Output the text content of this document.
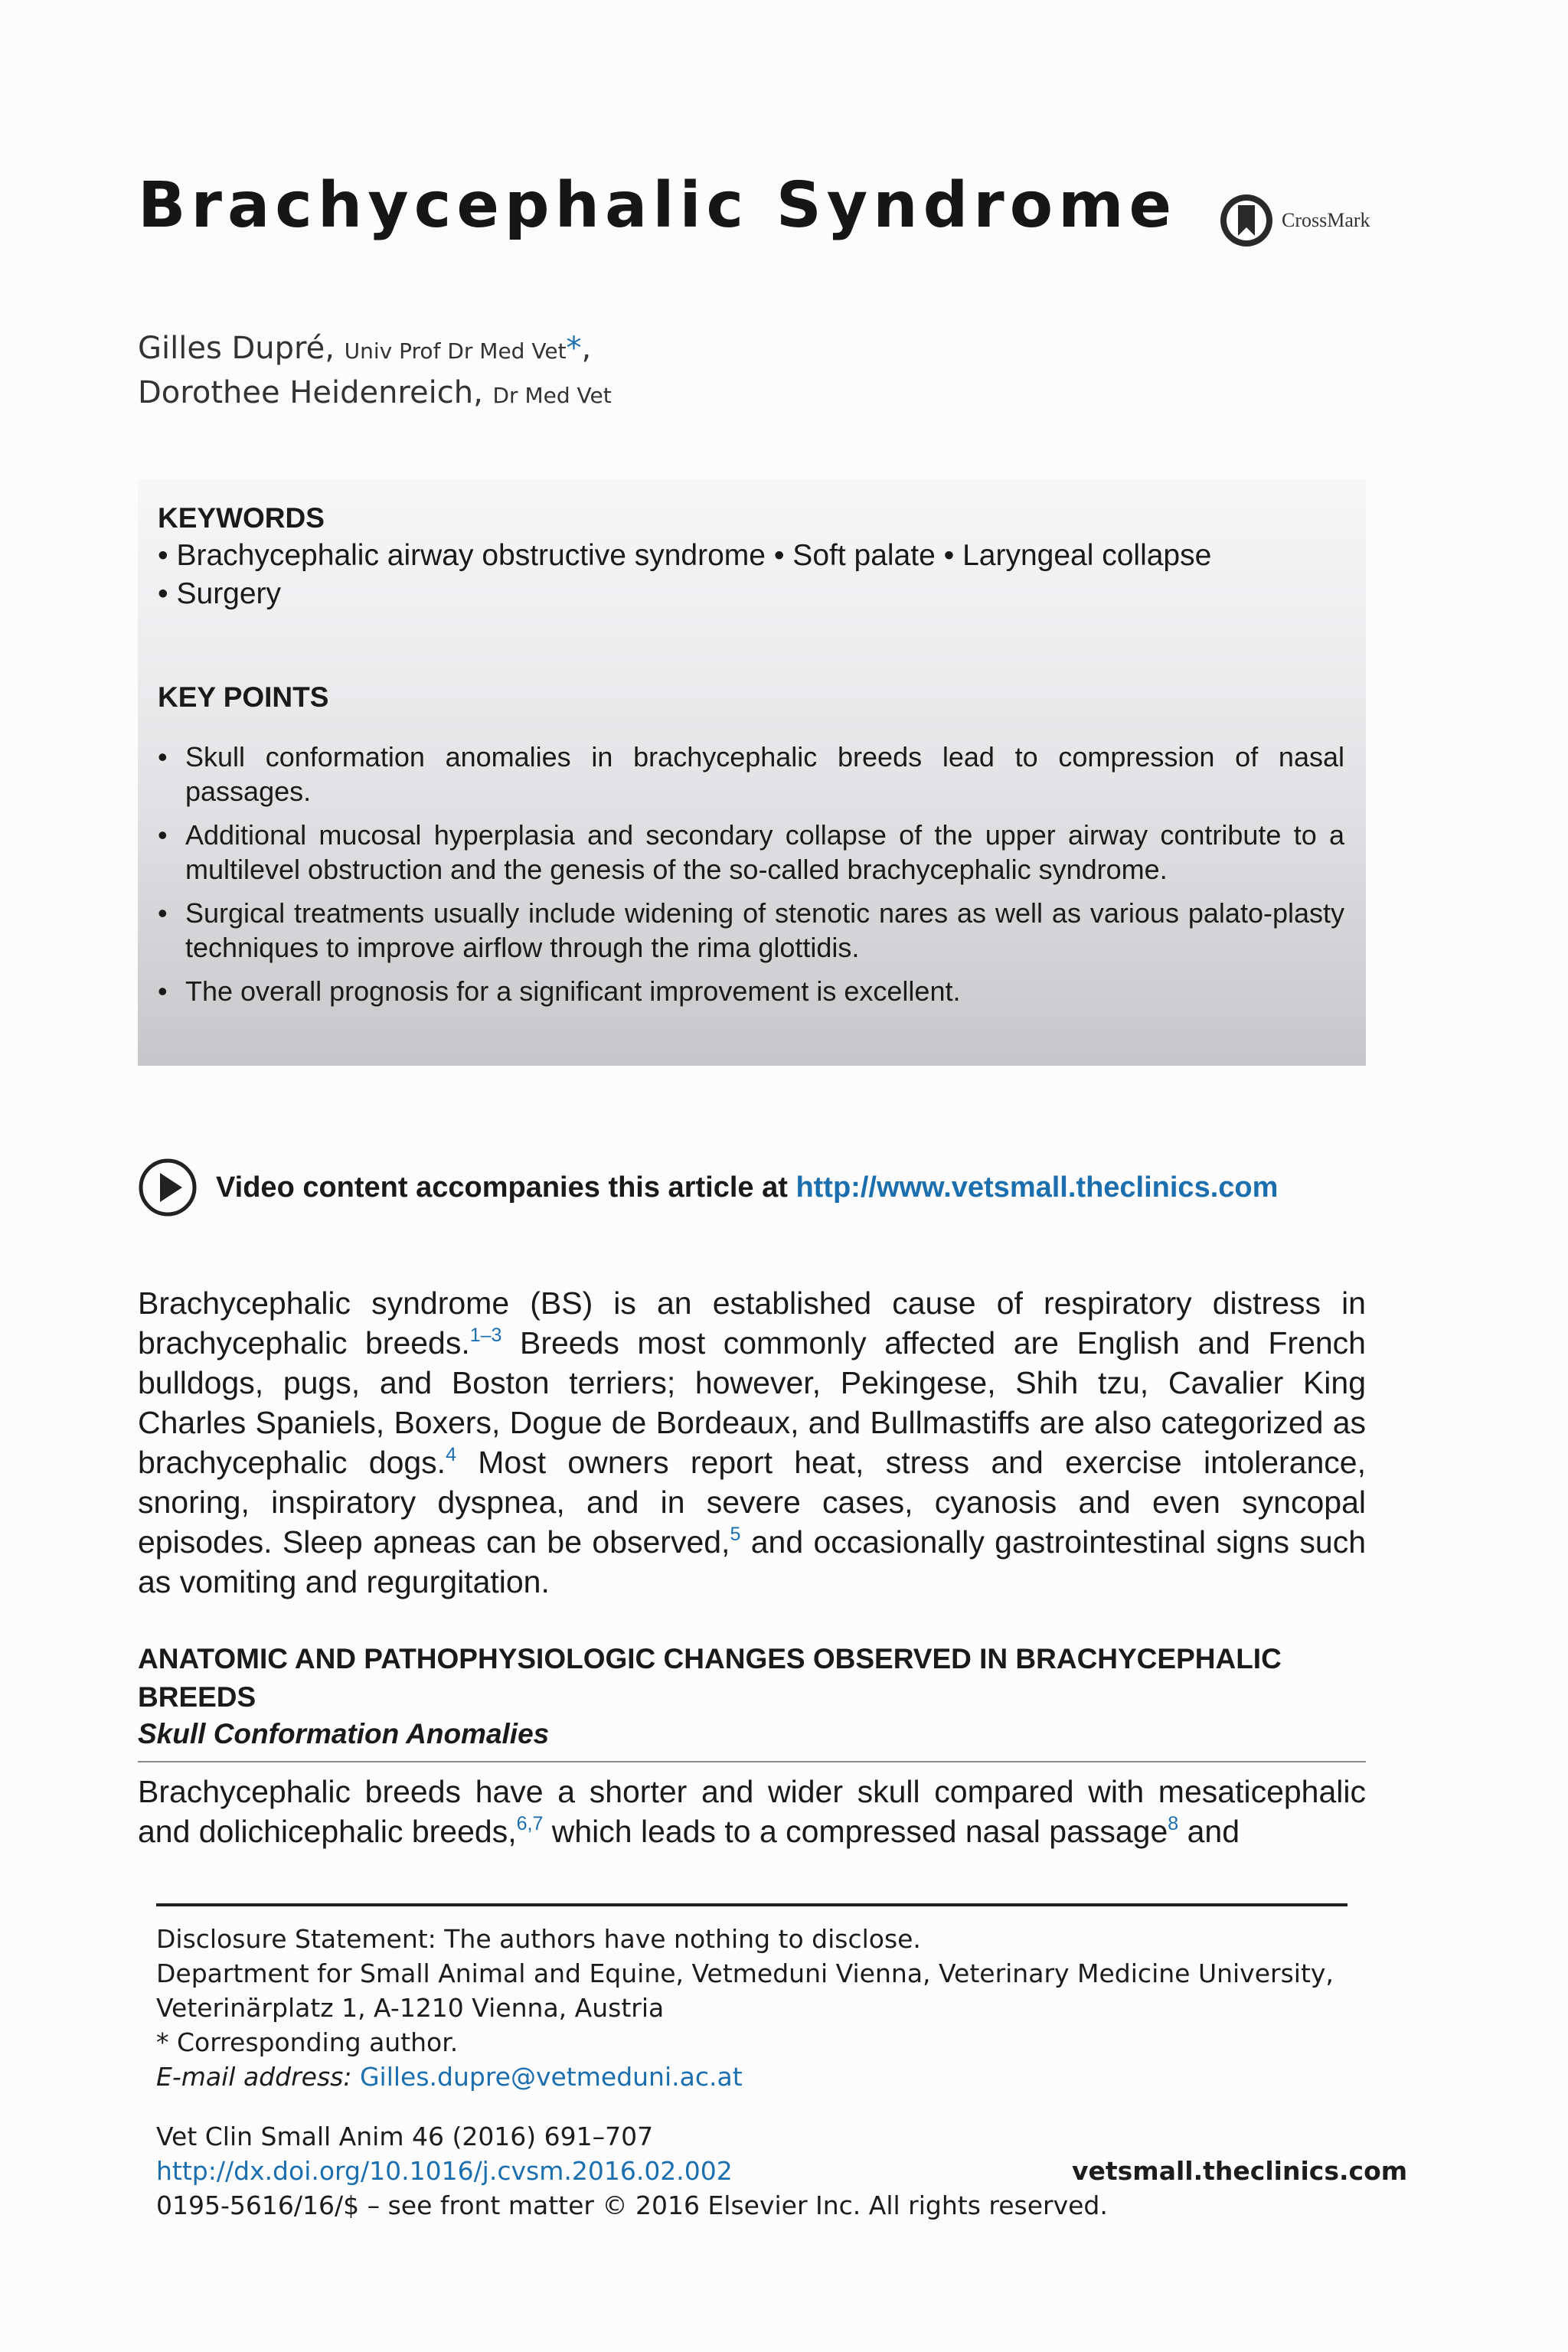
Brachycephalic Syndrome	CrossMark
Gilles Dupré, Univ Prof Dr Med Vet*,
Dorothee Heidenreich, Dr Med Vet
KEYWORDS
• Brachycephalic airway obstructive syndrome • Soft palate • Laryngeal collapse
• Surgery
KEY POINTS
• Skull conformation anomalies in brachycephalic breeds lead to compression of nasal passages.
• Additional mucosal hyperplasia and secondary collapse of the upper airway contribute to a multilevel obstruction and the genesis of the so-called brachycephalic syndrome.
• Surgical treatments usually include widening of stenotic nares as well as various palato-plasty techniques to improve airflow through the rima glottidis.
• The overall prognosis for a significant improvement is excellent.
Video content accompanies this article at http://www.vetsmall.theclinics.com
Brachycephalic syndrome (BS) is an established cause of respiratory distress in brachycephalic breeds.$^{1-3}$ Breeds most commonly affected are English and French bulldogs, pugs, and Boston terriers; however, Pekingese, Shih tzu, Cavalier King Charles Spaniels, Boxers, Dogue de Bordeaux, and Bullmastiffs are also categorized as brachycephalic dogs.$^4$ Most owners report heat, stress and exercise intolerance, snoring, inspiratory dyspnea, and in severe cases, cyanosis and even syncopal episodes. Sleep apneas can be observed,$^5$ and occasionally gastrointestinal signs such as vomiting and regurgitation.
ANATOMIC AND PATHOPHYSIOLOGIC CHANGES OBSERVED IN BRACHYCEPHALIC BREEDS
Skull Conformation Anomalies
Brachycephalic breeds have a shorter and wider skull compared with mesaticephalic and dolichicephalic breeds,$^{6,7}$ which leads to a compressed nasal passage$^8$ and
Disclosure Statement: The authors have nothing to disclose.
Department for Small Animal and Equine, Vetmeduni Vienna, Veterinary Medicine University,
Veterinärplatz 1, A-1210 Vienna, Austria
* Corresponding author.
E-mail address: Gilles.dupre@vetmeduni.ac.at
Vet Clin Small Anim 46 (2016) 691–707
http://dx.doi.org/10.1016/j.cvsm.2016.02.002
0195-5616/16/$ – see front matter © 2016 Elsevier Inc. All rights reserved.
vetsmall.theclinics.com
